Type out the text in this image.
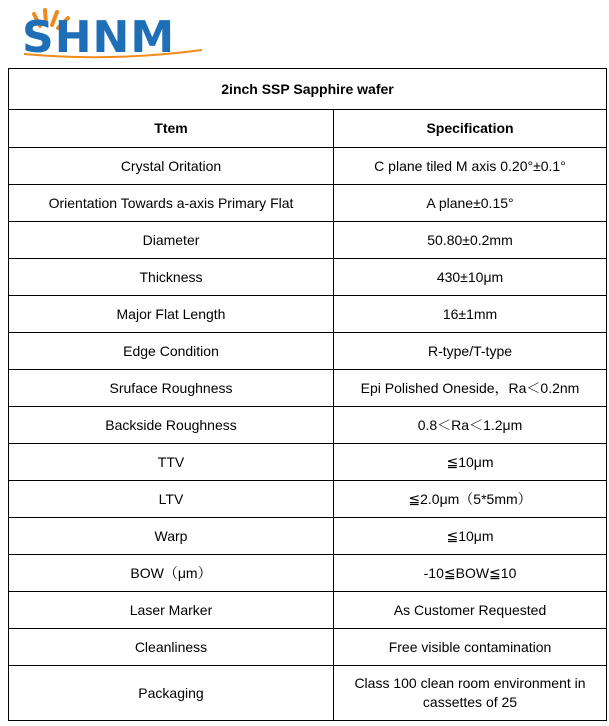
SHNM
2inch SSP Sapphire wafer	
Ttem	Specification
Crystal Oritation	C plane tiled M axis 0.20°±0.1°
Orientation Towards a-axis Primary Flat	A plane±0.15°
Diameter	50.80±0.2mm
Thickness	430±10μm
Major Flat Length	16±1mm
Edge Condition	R-type/T-type
Sruface Roughness	Epi Polished Oneside，Ra＜0.2nm
Backside Roughness	0.8＜Ra＜1.2μm
TTV	≦10μm
LTV	≦2.0μm（5*5mm）
Warp	≦10μm
BOW（μm）	-10≦BOW≦10
Laser Marker	As Customer Requested
Cleanliness	Free visible contamination
Packaging	Class 100 clean room environment in cassettes of 25
